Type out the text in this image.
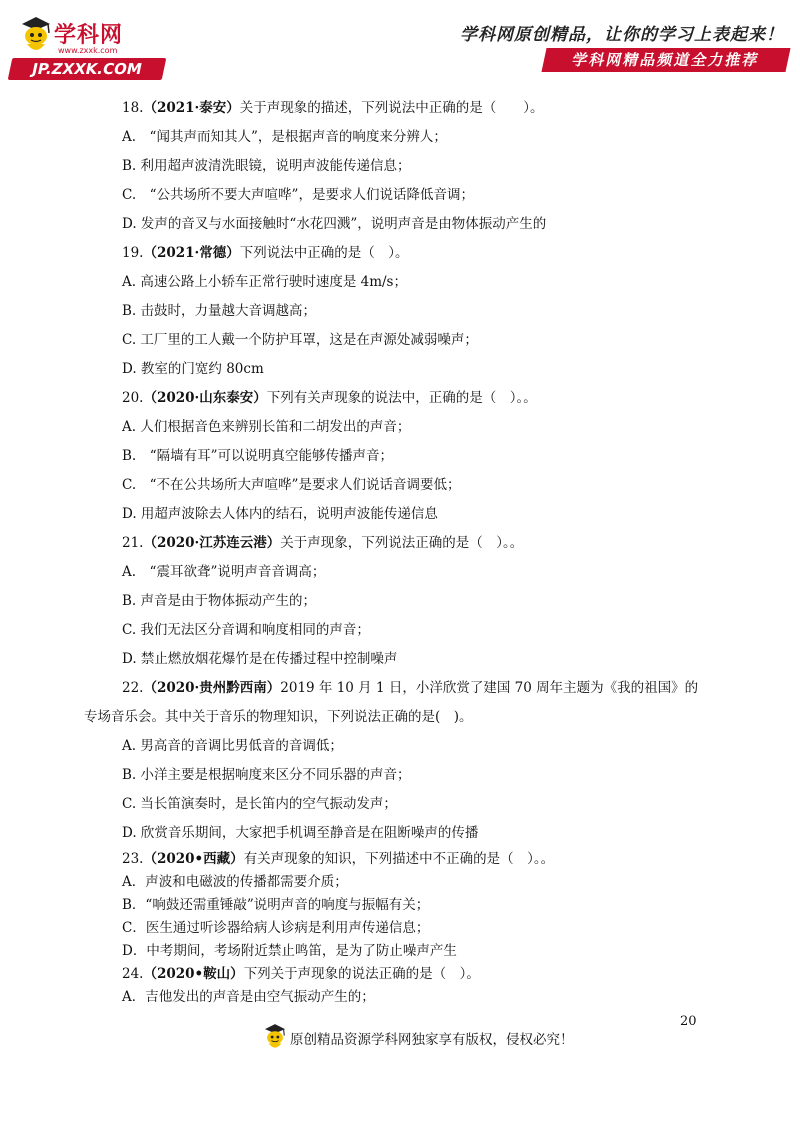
学科网
www.zxxk.com
JP.ZXXK.COM
学科网原创精品，让你的学习上表起来！
学科网精品频道全力推荐
18.（2021·泰安）关于声现象的描述，下列说法中正确的是（　　）。
A.　“闻其声而知其人”，是根据声音的响度来分辨人；
B. 利用超声波清洗眼镜，说明声波能传递信息；
C.　“公共场所不要大声喧哗”，是要求人们说话降低音调；
D. 发声的音叉与水面接触时“水花四溅”，说明声音是由物体振动产生的
19.（2021·常德）下列说法中正确的是（　）。
A. 高速公路上小轿车正常行驶时速度是 4m/s；
B. 击鼓时，力量越大音调越高；
C. 工厂里的工人戴一个防护耳罩，这是在声源处减弱噪声；
D. 教室的门宽约 80cm
20.（2020·山东泰安）下列有关声现象的说法中，正确的是（　）。。
A. 人们根据音色来辨别长笛和二胡发出的声音；
B.　“隔墙有耳”可以说明真空能够传播声音；
C.　“不在公共场所大声喧哗”是要求人们说话音调要低；
D. 用超声波除去人体内的结石，说明声波能传递信息
21.（2020·江苏连云港）关于声现象，下列说法正确的是（　）。。
A.　“震耳欲聋”说明声音音调高；
B. 声音是由于物体振动产生的；
C. 我们无法区分音调和响度相同的声音；
D. 禁止燃放烟花爆竹是在传播过程中控制噪声
22.（2020·贵州黔西南）2019 年 10 月 1 日，小洋欣赏了建国 70 周年主题为《我的祖国》的
专场音乐会。其中关于音乐的物理知识，下列说法正确的是(　)。
A. 男高音的音调比男低音的音调低；
B. 小洋主要是根据响度来区分不同乐器的声音；
C. 当长笛演奏时，是长笛内的空气振动发声；
D. 欣赏音乐期间，大家把手机调至静音是在阻断噪声的传播
23.（2020•西藏）有关声现象的知识，下列描述中不正确的是（　）。。
A．声波和电磁波的传播都需要介质；
B．“响鼓还需重锤敲”说明声音的响度与振幅有关；
C．医生通过听诊器给病人诊病是利用声传递信息；
D．中考期间，考场附近禁止鸣笛，是为了防止噪声产生
24.（2020•鞍山）下列关于声现象的说法正确的是（　）。
A．吉他发出的声音是由空气振动产生的；
20
原创精品资源学科网独家享有版权，侵权必究！
